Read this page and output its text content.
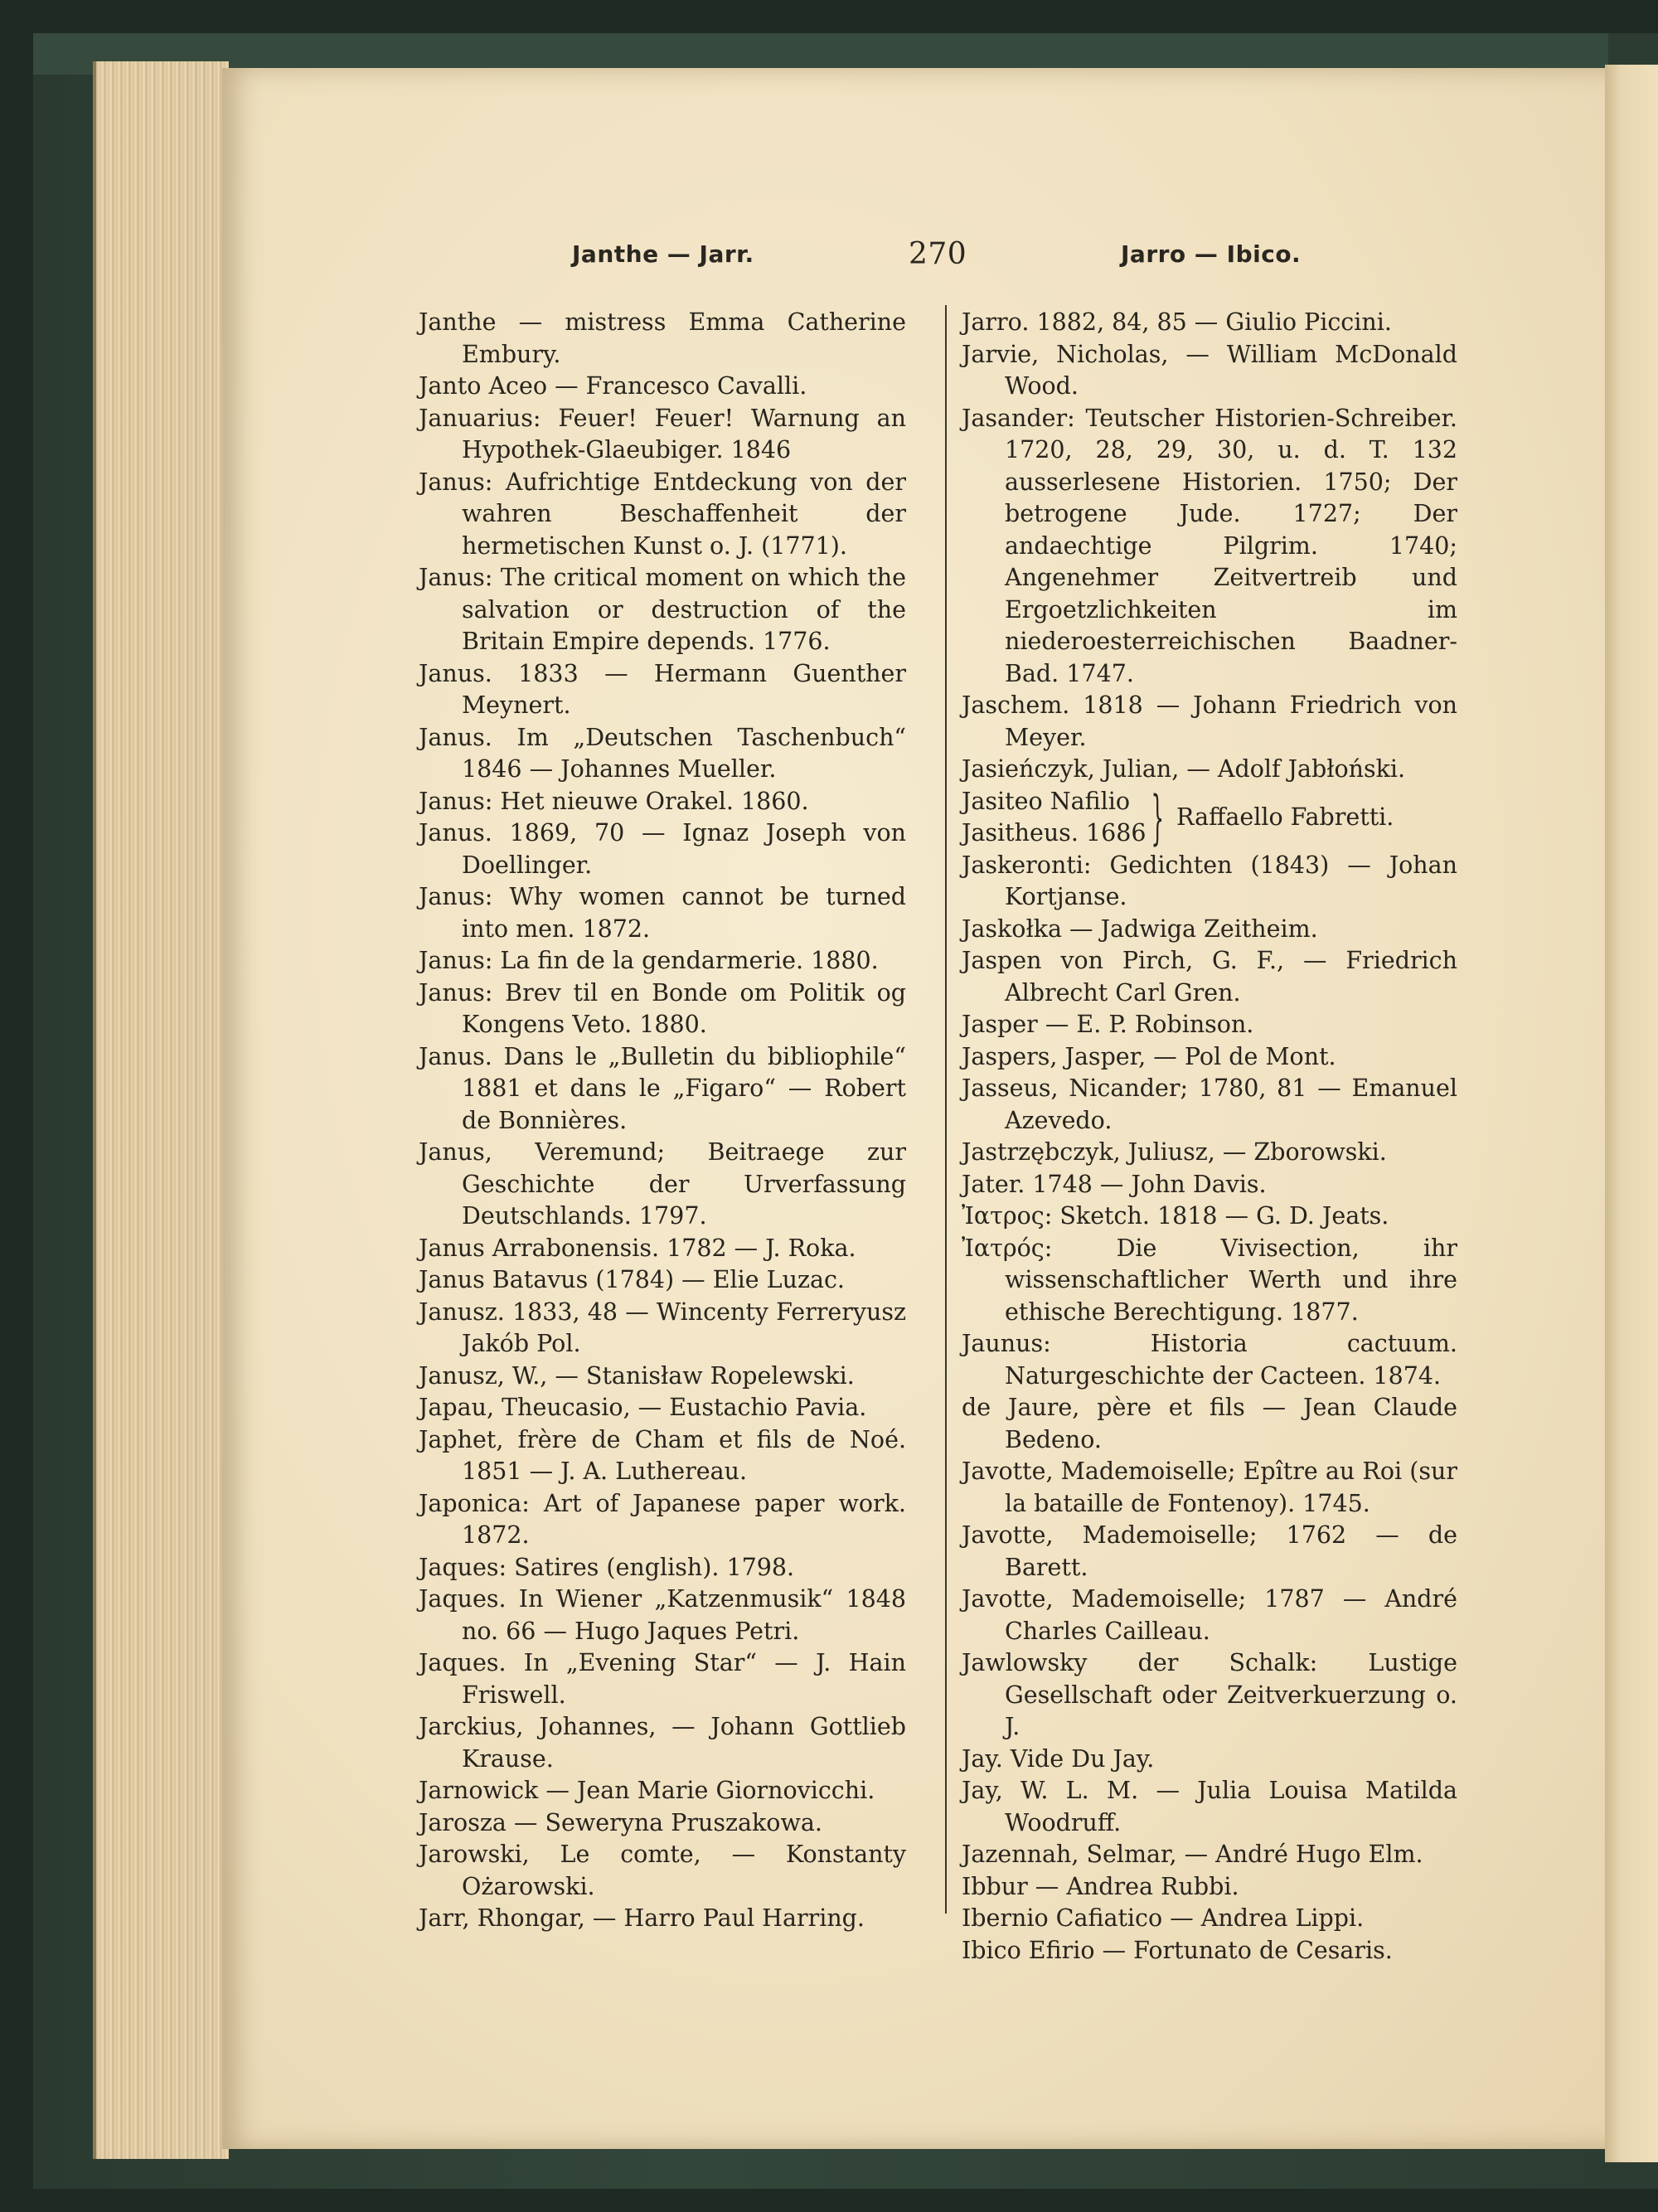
Janthe — Jarr.	270	Jarro — Ibico.

Janthe — mistress Emma Catherine Embury.

Janto Aceo — Francesco Cavalli.

Januarius: Feuer! Feuer! Warnung an Hypothek-Glaeubiger. 1846

Janus: Aufrichtige Entdeckung von der wahren Beschaffenheit der hermetischen Kunst o. J. (1771).

Janus: The critical moment on which the salvation or destruction of the Britain Empire depends. 1776.

Janus. 1833 — Hermann Guenther Meynert.

Janus. Im „Deutschen Taschenbuch“ 1846 — Johannes Mueller.

Janus: Het nieuwe Orakel. 1860.

Janus. 1869, 70 — Ignaz Joseph von Doellinger.

Janus: Why women cannot be turned into men. 1872.

Janus: La fin de la gendarmerie. 1880.

Janus: Brev til en Bonde om Politik og Kongens Veto. 1880.

Janus. Dans le „Bulletin du bibliophile“ 1881 et dans le „Figaro“ — Robert de Bonnières.

Janus, Veremund; Beitraege zur Geschichte der Urverfassung Deutschlands. 1797.

Janus Arrabonensis. 1782 — J. Roka.

Janus Batavus (1784) — Elie Luzac.

Janusz. 1833, 48 — Wincenty Ferreryusz Jakób Pol.

Janusz, W., — Stanisław Ropelewski.

Japau, Theucasio, — Eustachio Pavia.

Japhet, frère de Cham et fils de Noé. 1851 — J. A. Luthereau.

Japonica: Art of Japanese paper work. 1872.

Jaques: Satires (english). 1798.

Jaques. In Wiener „Katzenmusik“ 1848 no. 66 — Hugo Jaques Petri.

Jaques. In „Evening Star“ — J. Hain Friswell.

Jarckius, Johannes, — Johann Gottlieb Krause.

Jarnowick — Jean Marie Giornovicchi.

Jarosza — Seweryna Pruszakowa.

Jarowski, Le comte, — Konstanty Ożarowski.

Jarr, Rhongar, — Harro Paul Harring.

Jarro. 1882, 84, 85 — Giulio Piccini.

Jarvie, Nicholas, — William McDonald Wood.

Jasander: Teutscher Historien-Schreiber. 1720, 28, 29, 30, u. d. T. 132 ausserlesene Historien. 1750; Der betrogene Jude. 1727; Der andaechtige Pilgrim. 1740; Angenehmer Zeitvertreib und Ergoetzlichkeiten im niederoesterreichischen Baadner-Bad. 1747.

Jaschem. 1818 — Johann Friedrich von Meyer.

Jasieńczyk, Julian, — Adolf Jabłoński.

Jasiteo Nafilio
Jasitheus. 1686 } Raffaello Fabretti.

Jaskeronti: Gedichten (1843) — Johan Kortjanse.

Jaskołka — Jadwiga Zeitheim.

Jaspen von Pirch, G. F., — Friedrich Albrecht Carl Gren.

Jasper — E. P. Robinson.

Jaspers, Jasper, — Pol de Mont.

Jasseus, Nicander; 1780, 81 — Emanuel Azevedo.

Jastrzębczyk, Juliusz, — Zborowski.

Jater. 1748 — John Davis.

Ἰατρος: Sketch. 1818 — G. D. Jeats.

Ἰατρός: Die Vivisection, ihr wissenschaftlicher Werth und ihre ethische Berechtigung. 1877.

Jaunus: Historia cactuum. Naturgeschichte der Cacteen. 1874.

de Jaure, père et fils — Jean Claude Bedeno.

Javotte, Mademoiselle; Epître au Roi (sur la bataille de Fontenoy). 1745.

Javotte, Mademoiselle; 1762 — de Barett.

Javotte, Mademoiselle; 1787 — André Charles Cailleau.

Jawlowsky der Schalk: Lustige Gesellschaft oder Zeitverkuerzung o. J.

Jay. Vide Du Jay.

Jay, W. L. M. — Julia Louisa Matilda Woodruff.

Jazennah, Selmar, — André Hugo Elm.

Ibbur — Andrea Rubbi.

Ibernio Cafiatico — Andrea Lippi.

Ibico Efirio — Fortunato de Cesaris.
